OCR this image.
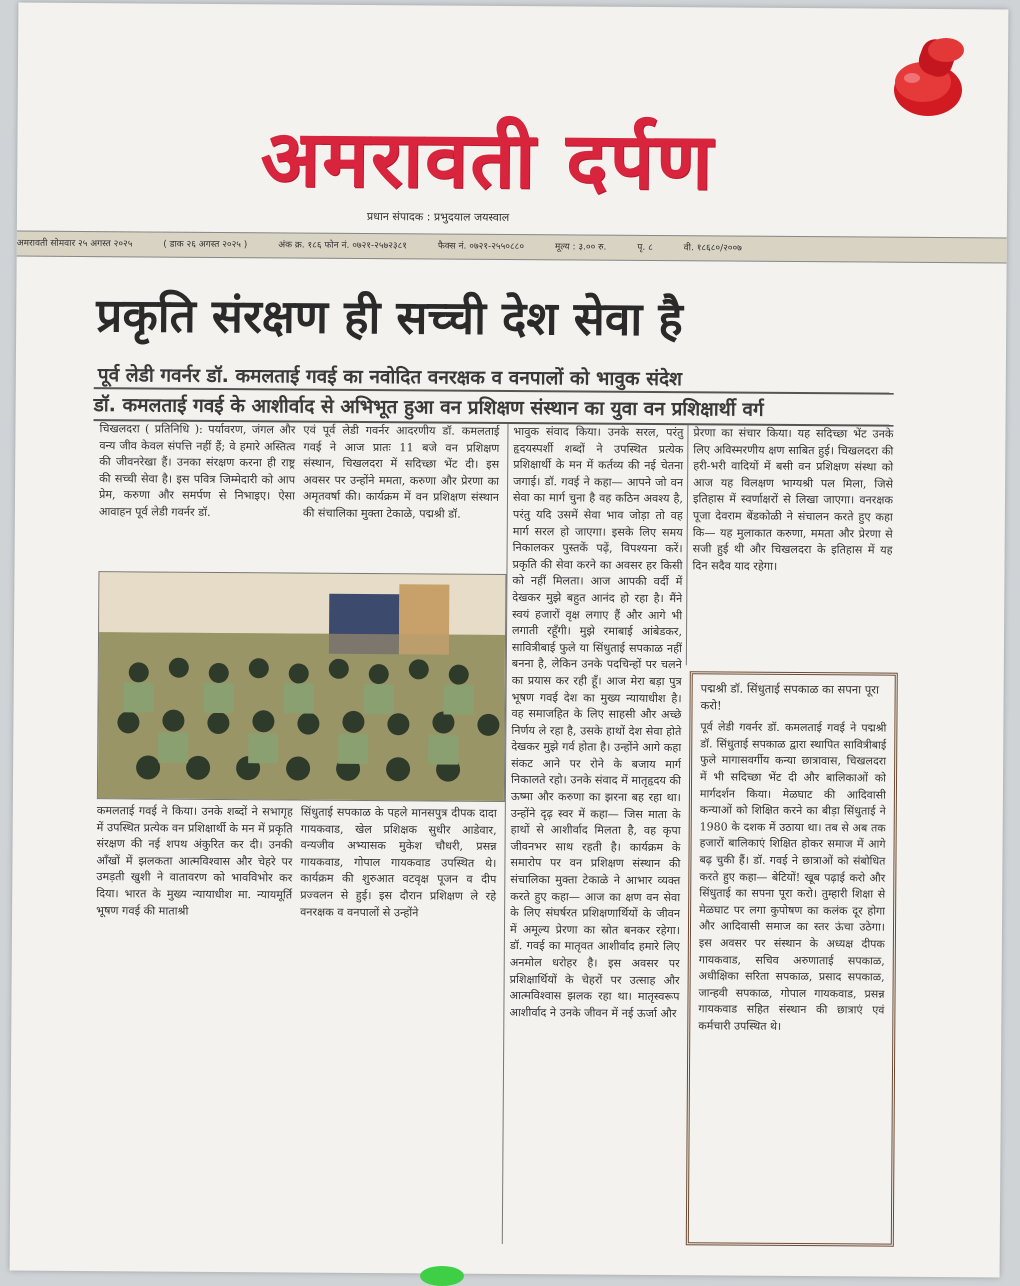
अमरावती दर्पण
प्रधान संपादक : प्रभुदयाल जयस्वाल
अमरावती सोमवार २५ अगस्त २०२५	( डाक २६ अगस्त २०२५ )	अंक क्र. १८६ फोन नं. ०७२१-२५७२३८१	फैक्स नं. ०७२१-२५५०८८०	मूल्य : ३.०० रु.	पृ. ८	वी. १८६८०/२००७
प्रकृति संरक्षण ही सच्ची देश सेवा है
पूर्व लेडी गवर्नर डॉ. कमलताई गवई का नवोदित वनरक्षक व वनपालों को भावुक संदेश
डॉ. कमलताई गवई के आशीर्वाद से अभिभूत हुआ वन प्रशिक्षण संस्थान का युवा वन प्रशिक्षार्थी वर्ग
चिखलदरा ( प्रतिनिधि ): पर्यावरण, जंगल और वन्य जीव केवल संपत्ति नहीं हैं; वे हमारे अस्तित्व की जीवनरेखा हैं। उनका संरक्षण करना ही राष्ट्र की सच्ची सेवा है। इस पवित्र जिम्मेदारी को आप प्रेम, करुणा और समर्पण से निभाइए। ऐसा आवाहन पूर्व लेडी गवर्नर डॉ.
एवं पूर्व लेडी गवर्नर आदरणीय डॉ. कमलताई गवई ने आज प्रातः 11 बजे वन प्रशिक्षण संस्थान, चिखलदरा में सदिच्छा भेंट दी। इस अवसर पर उन्होंने ममता, करुणा और प्रेरणा का अमृतवर्षा की। कार्यक्रम में वन प्रशिक्षण संस्थान की संचालिका मुक्ता टेकाळे, पद्मश्री डॉ.
कमलताई गवई ने किया। उनके शब्दों ने सभागृह में उपस्थित प्रत्येक वन प्रशिक्षार्थी के मन में प्रकृति संरक्षण की नई शपथ अंकुरित कर दी। उनकी आँखों में झलकता आत्मविश्वास और चेहरे पर उमड़ती खुशी ने वातावरण को भावविभोर कर दिया। भारत के मुख्य न्यायाधीश मा. न्यायमूर्ति भूषण गवई की माताश्री
सिंधुताई सपकाळ के पहले मानसपुत्र दीपक दादा गायकवाड, खेल प्रशिक्षक सुधीर आडेवार, वन्यजीव अभ्यासक मुकेश चौधरी, प्रसन्न गायकवाड, गोपाल गायकवाड उपस्थित थे। कार्यक्रम की शुरुआत वटवृक्ष पूजन व दीप प्रज्वलन से हुई। इस दौरान प्रशिक्षण ले रहे वनरक्षक व वनपालों से उन्होंने
भावुक संवाद किया। उनके सरल, परंतु हृदयस्पर्शी शब्दों ने उपस्थित प्रत्येक प्रशिक्षार्थी के मन में कर्तव्य की नई चेतना जगाई। डॉ. गवई ने कहा— आपने जो वन सेवा का मार्ग चुना है वह कठिन अवश्य है, परंतु यदि उसमें सेवा भाव जोड़ा तो वह मार्ग सरल हो जाएगा। इसके लिए समय निकालकर पुस्तकें पढ़ें, विपश्यना करें। प्रकृति की सेवा करने का अवसर हर किसी को नहीं मिलता। आज आपकी वर्दी में देखकर मुझे बहुत आनंद हो रहा है। मैंने स्वयं हजारों वृक्ष लगाए हैं और आगे भी लगाती रहूँगी। मुझे रमाबाई आंबेडकर, सावित्रीबाई फुले या सिंधुताई सपकाळ नहीं बनना है, लेकिन उनके पदचिन्हों पर चलने का प्रयास कर रही हूँ। आज मेरा बड़ा पुत्र भूषण गवई देश का मुख्य न्यायाधीश है। वह समाजहित के लिए साहसी और अच्छे निर्णय ले रहा है, उसके हाथों देश सेवा होते देखकर मुझे गर्व होता है। उन्होंने आगे कहा संकट आने पर रोने के बजाय मार्ग निकालते रहो। उनके संवाद में मातृहृदय की ऊष्मा और करुणा का झरना बह रहा था। उन्होंने दृढ़ स्वर में कहा— जिस माता के हाथों से आशीर्वाद मिलता है, वह कृपा जीवनभर साथ रहती है। कार्यक्रम के समारोप पर वन प्रशिक्षण संस्थान की संचालिका मुक्ता टेकाळे ने आभार व्यक्त करते हुए कहा— आज का क्षण वन सेवा के लिए संघर्षरत प्रशिक्षणार्थियों के जीवन में अमूल्य प्रेरणा का स्रोत बनकर रहेगा। डॉ. गवई का मातृवत आशीर्वाद हमारे लिए अनमोल धरोहर है। इस अवसर पर प्रशिक्षार्थियों के चेहरों पर उत्साह और आत्मविश्वास झलक रहा था। मातृस्वरूप आशीर्वाद ने उनके जीवन में नई ऊर्जा और
प्रेरणा का संचार किया। यह सदिच्छा भेंट उनके लिए अविस्मरणीय क्षण साबित हुई। चिखलदरा की हरी-भरी वादियों में बसी वन प्रशिक्षण संस्था को आज यह विलक्षण भाग्यश्री पल मिला, जिसे इतिहास में स्वर्णाक्षरों से लिखा जाएगा। वनरक्षक पूजा देवराम बेंडकोळी ने संचालन करते हुए कहा कि— यह मुलाकात करुणा, ममता और प्रेरणा से सजी हुई थी और चिखलदरा के इतिहास में यह दिन सदैव याद रहेगा।
पद्मश्री डॉ. सिंधुताई सपकाळ का सपना पूरा करो!
पूर्व लेडी गवर्नर डॉ. कमलताई गवई ने पद्मश्री डॉ. सिंधुताई सपकाळ द्वारा स्थापित सावित्रीबाई फुले मागासवर्गीय कन्या छात्रावास, चिखलदरा में भी सदिच्छा भेंट दी और बालिकाओं को मार्गदर्शन किया। मेळघाट की आदिवासी कन्याओं को शिक्षित करने का बीड़ा सिंधुताई ने 1980 के दशक में उठाया था। तब से अब तक हजारों बालिकाएं शिक्षित होकर समाज में आगे बढ़ चुकी हैं। डॉ. गवई ने छात्राओं को संबोधित करते हुए कहा— बेटियों! खूब पढ़ाई करो और सिंधुताई का सपना पूरा करो। तुम्हारी शिक्षा से मेळघाट पर लगा कुपोषण का कलंक दूर होगा और आदिवासी समाज का स्तर ऊंचा उठेगा। इस अवसर पर संस्थान के अध्यक्ष दीपक गायकवाड, सचिव अरुणाताई सपकाळ, अधीक्षिका सरिता सपकाळ, प्रसाद सपकाळ, जान्हवी सपकाळ, गोपाल गायकवाड, प्रसन्न गायकवाड सहित संस्थान की छात्राएं एवं कर्मचारी उपस्थित थे।
